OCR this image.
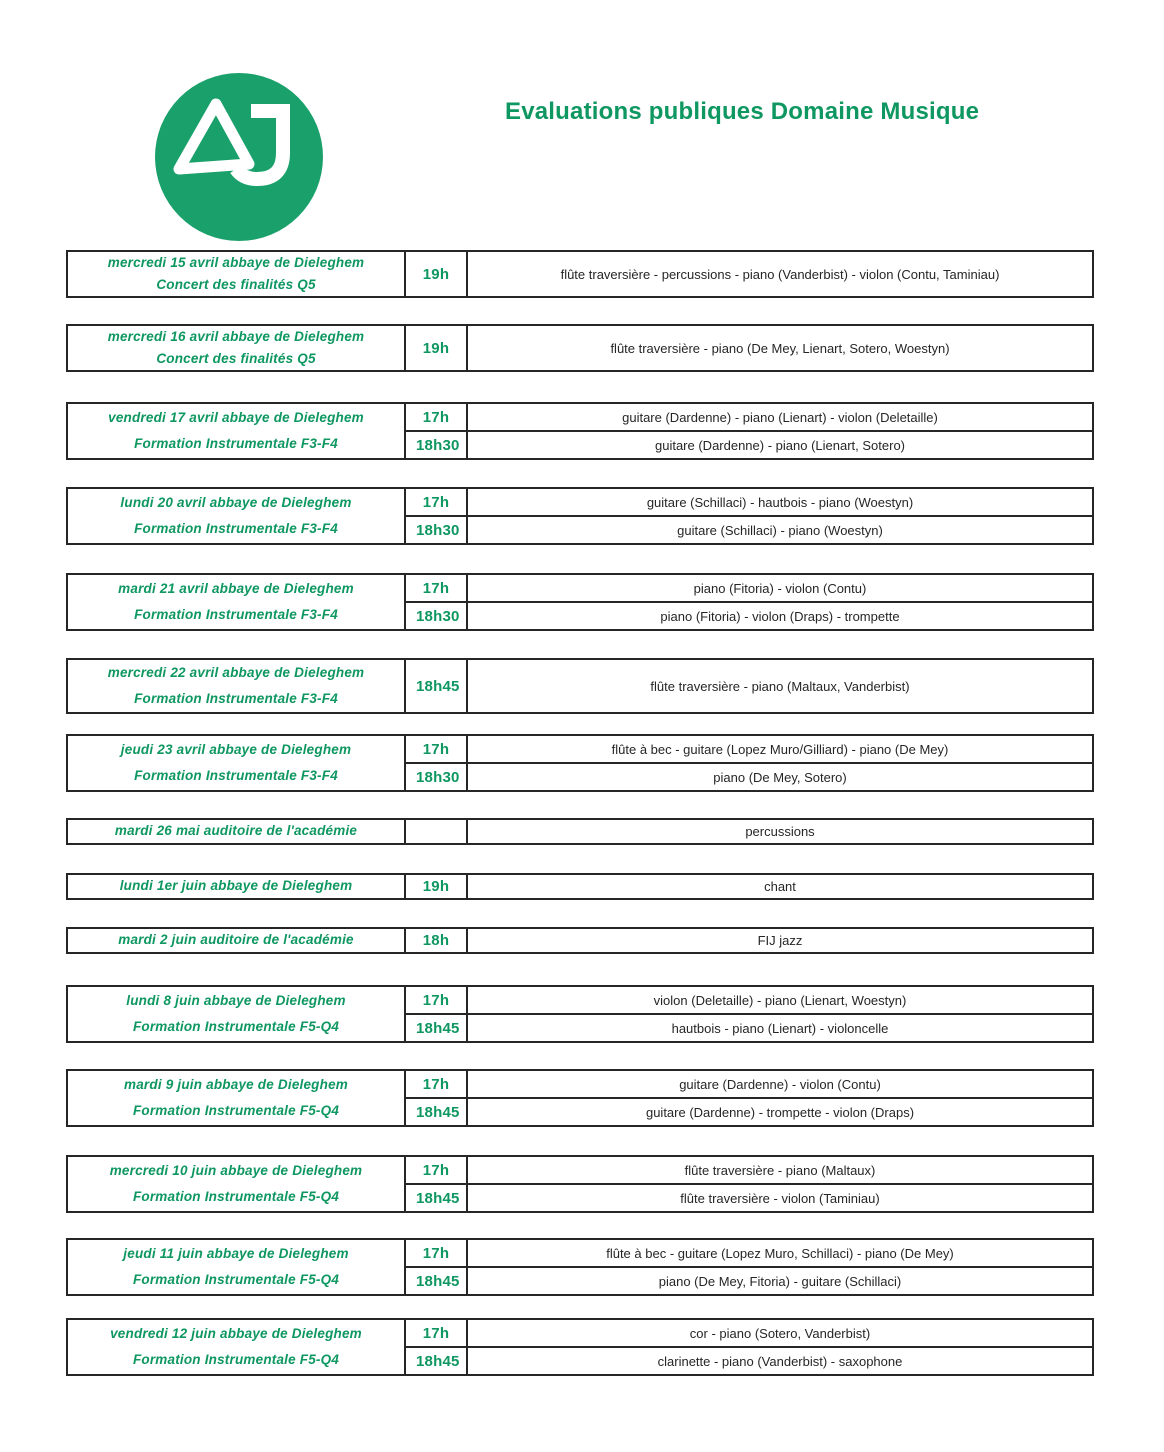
Evaluations publiques Domaine Musique
mercredi 15 avril abbaye de Dieleghem
Concert des finalités Q5
	19h	flûte traversière - percussions - piano (Vanderbist) - violon (Contu, Taminiau)
mercredi 16 avril abbaye de Dieleghem
Concert des finalités Q5
	19h	flûte traversière - piano (De Mey, Lienart, Sotero, Woestyn)
vendredi 17 avril abbaye de Dieleghem
Formation Instrumentale F3-F4	17h	guitare (Dardenne) - piano (Lienart) - violon (Deletaille)
	18h30	guitare (Dardenne) - piano (Lienart, Sotero)
lundi 20 avril abbaye de Dieleghem
Formation Instrumentale F3-F4	17h	guitare (Schillaci) - hautbois - piano (Woestyn)
	18h30	guitare (Schillaci) - piano (Woestyn)
mardi 21 avril abbaye de Dieleghem
Formation Instrumentale F3-F4	17h	piano (Fitoria) - violon (Contu)
	18h30	piano (Fitoria) - violon (Draps) - trompette
mercredi 22 avril abbaye de Dieleghem
Formation Instrumentale F3-F4
	18h45	flûte traversière - piano (Maltaux, Vanderbist)
jeudi 23 avril abbaye de Dieleghem
Formation Instrumentale F3-F4	17h	flûte à bec - guitare (Lopez Muro/Gilliard) - piano (De Mey)
	18h30	piano (De Mey, Sotero)
mardi 26 mai auditoire de l'académie		percussions
lundi 1er juin abbaye de Dieleghem	19h	chant
mardi 2 juin auditoire de l'académie	18h	FIJ jazz
lundi 8 juin abbaye de Dieleghem
Formation Instrumentale F5-Q4	17h	violon (Deletaille) - piano (Lienart, Woestyn)
	18h45	hautbois - piano (Lienart) - violoncelle
mardi 9 juin abbaye de Dieleghem
Formation Instrumentale F5-Q4	17h	guitare (Dardenne) - violon (Contu)
	18h45	guitare (Dardenne) - trompette - violon (Draps)
mercredi 10 juin abbaye de Dieleghem
Formation Instrumentale F5-Q4	17h	flûte traversière - piano (Maltaux)
	18h45	flûte traversière - violon (Taminiau)
jeudi 11 juin abbaye de Dieleghem
Formation Instrumentale F5-Q4	17h	flûte à bec - guitare (Lopez Muro, Schillaci) - piano (De Mey)
	18h45	piano (De Mey, Fitoria) - guitare (Schillaci)
vendredi 12 juin abbaye de Dieleghem
Formation Instrumentale F5-Q4	17h	cor - piano (Sotero, Vanderbist)
	18h45	clarinette - piano (Vanderbist) - saxophone
